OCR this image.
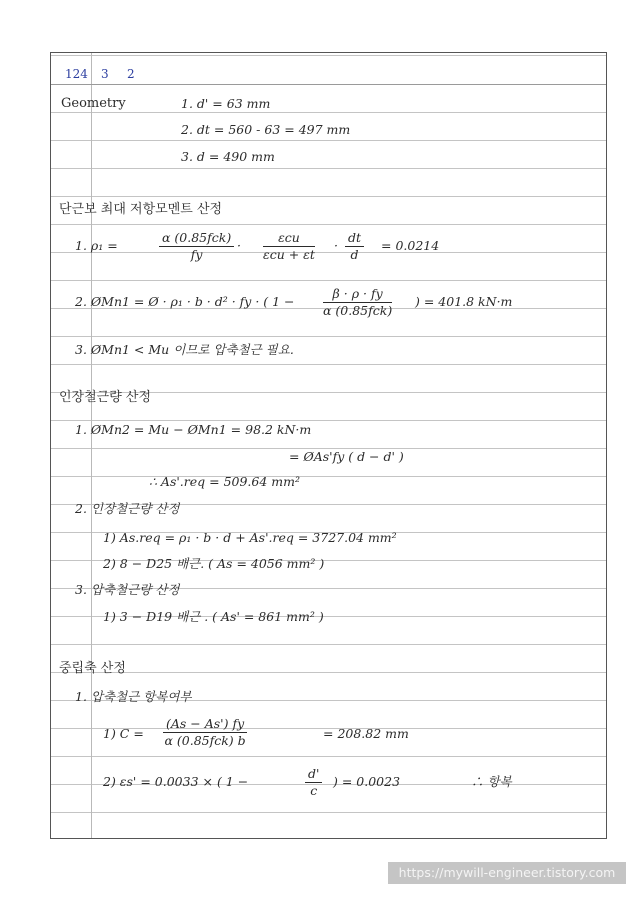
124 3 2
Geometry	1. d' = 63 mm
2. dt = 560 - 63 = 497 mm
3. d = 490 mm
단근보 최대 저항모멘트 산정
1. ρ₁ =
α (0.85fck)
fy
·
εcu
εcu + εt
· $\frac{dt}{d} = 0.0214$
2. ØMn1 = Ø · ρ₁ · b · d² · fy · ( 1 −
β · ρ · fy
α (0.85fck)
) = 401.8 kN·m
3. ØMn1 < Mu 이므로 압축철근 필요.
인장철근량 산정
1. ØMn2 = Mu − ØMn1 = 98.2 kN·m
= ØAs'fy ( d − d' )
∴ As'.req = 509.64 mm²
2. 인장철근량 산정
1) As.req = ρ₁ · b · d + As'.req = 3727.04 mm²
2) 8 − D25 배근. ( As = 4056 mm² )
3. 압축철근량 산정
1) 3 − D19 배근 . ( As' = 861 mm² )
중립축 산정
1. 압축철근 항복여부
1) C =
(As − As') fy
α (0.85fck) b	= 208.82 mm
2) εs' = 0.0033 × ( 1 −	$\frac{d'}{c}$ ) = 0.0023	∴ 항복
https://mywill-engineer.tistory.com
